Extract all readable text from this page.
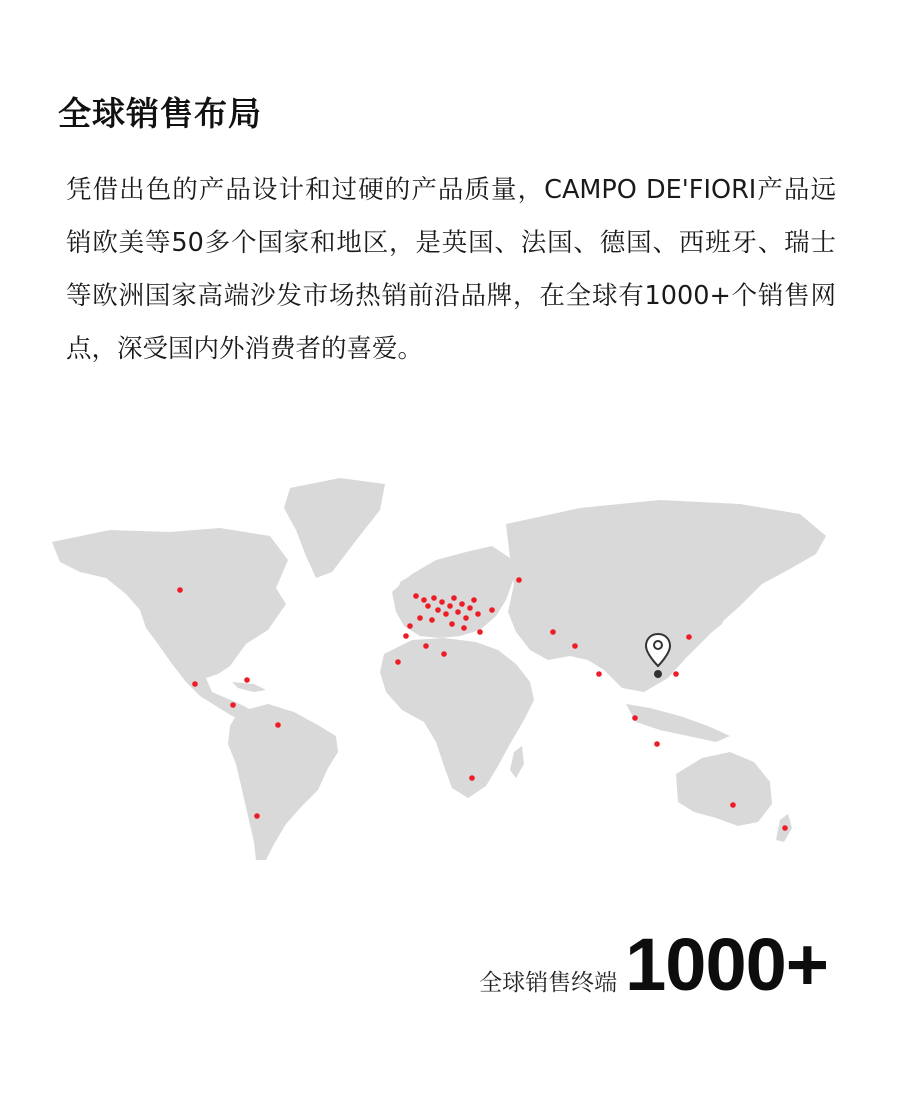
全球销售布局

凭借出色的产品设计和过硬的产品质量，CAMPO DE'FIORI产品远销欧美等50多个国家和地区，是英国、法国、德国、西班牙、瑞士等欧洲国家高端沙发市场热销前沿品牌，在全球有1000+个销售网点，深受国内外消费者的喜爱。

全球销售终端 1000+
